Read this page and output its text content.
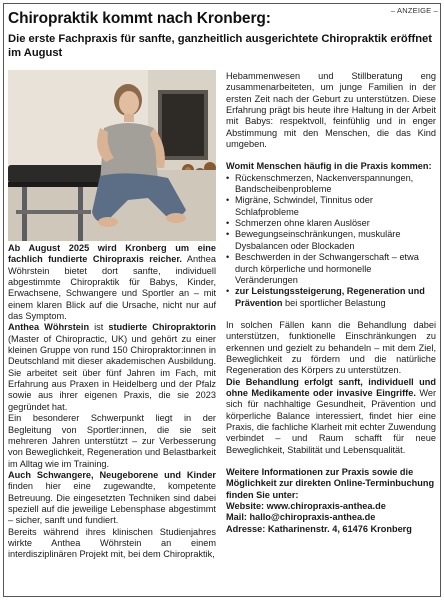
– ANZEIGE –
Chiropraktik kommt nach Kronberg:
Die erste Fachpraxis für sanfte, ganzheitlich ausgerichtete Chiropraktik eröffnet im August

Ab August 2025 wird Kronberg um eine fachlich fundierte Chiropraxis reicher. Anthea Wöhrstein bietet dort sanfte, individuell abgestimmte Chiropraktik für Babys, Kinder, Erwachsene, Schwangere und Sportler an – mit einem klaren Blick auf die Ursache, nicht nur auf das Symptom.

Anthea Wöhrstein ist studierte Chiropraktorin (Master of Chiropractic, UK) und gehört zu einer kleinen Gruppe von rund 150 Chiropraktor:innen in Deutschland mit dieser akademischen Ausbildung. Sie arbeitet seit über fünf Jahren im Fach, mit Erfahrung aus Praxen in Heidelberg und der Pfalz sowie aus ihrer eigenen Praxis, die sie 2023 gegründet hat.

Ein besonderer Schwerpunkt liegt in der Begleitung von Sportler:innen, die sie seit mehreren Jahren unterstützt – zur Verbesserung von Beweglichkeit, Regeneration und Belastbarkeit im Alltag wie im Training.

Auch Schwangere, Neugeborene und Kinder finden hier eine zugewandte, kompetente Betreuung. Die eingesetzten Techniken sind dabei speziell auf die jeweilige Lebensphase abgestimmt – sicher, sanft und fundiert.

Bereits während ihres klinischen Studienjahres wirkte Anthea Wöhrstein an einem interdisziplinären Projekt mit, bei dem Chiropraktik,

Hebammenwesen und Stillberatung eng zusammenarbeiteten, um junge Familien in der ersten Zeit nach der Geburt zu unterstützen. Diese Erfahrung prägt bis heute ihre Haltung in der Arbeit mit Babys: respektvoll, feinfühlig und in enger Abstimmung mit den Menschen, die das Kind umgeben.

Womit Menschen häufig in die Praxis kommen:

• Rückenschmerzen, Nackenverspannungen, Bandscheibenprobleme
• Migräne, Schwindel, Tinnitus oder Schlafprobleme
• Schmerzen ohne klaren Auslöser
• Bewegungseinschränkungen, muskuläre Dysbalancen oder Blockaden
• Beschwerden in der Schwangerschaft – etwa durch körperliche und hormonelle Veränderungen
• zur Leistungssteigerung, Regeneration und Prävention bei sportlicher Belastung

In solchen Fällen kann die Behandlung dabei unterstützen, funktionelle Einschränkungen zu erkennen und gezielt zu behandeln – mit dem Ziel, Beweglichkeit zu fördern und die natürliche Regeneration des Körpers zu unterstützen.

Die Behandlung erfolgt sanft, individuell und ohne Medikamente oder invasive Eingriffe. Wer sich für nachhaltige Gesundheit, Prävention und körperliche Balance interessiert, findet hier eine Praxis, die fachliche Klarheit mit echter Zuwendung verbindet – und Raum schafft für neue Beweglichkeit, Stabilität und Lebensqualität.

Weitere Informationen zur Praxis sowie die Möglichkeit zur direkten Online-Terminbuchung finden Sie unter:

Website: www.chiropraxis-anthea.de

Mail: hallo@chiropraxis-anthea.de

Adresse: Katharinenstr. 4, 61476 Kronberg
